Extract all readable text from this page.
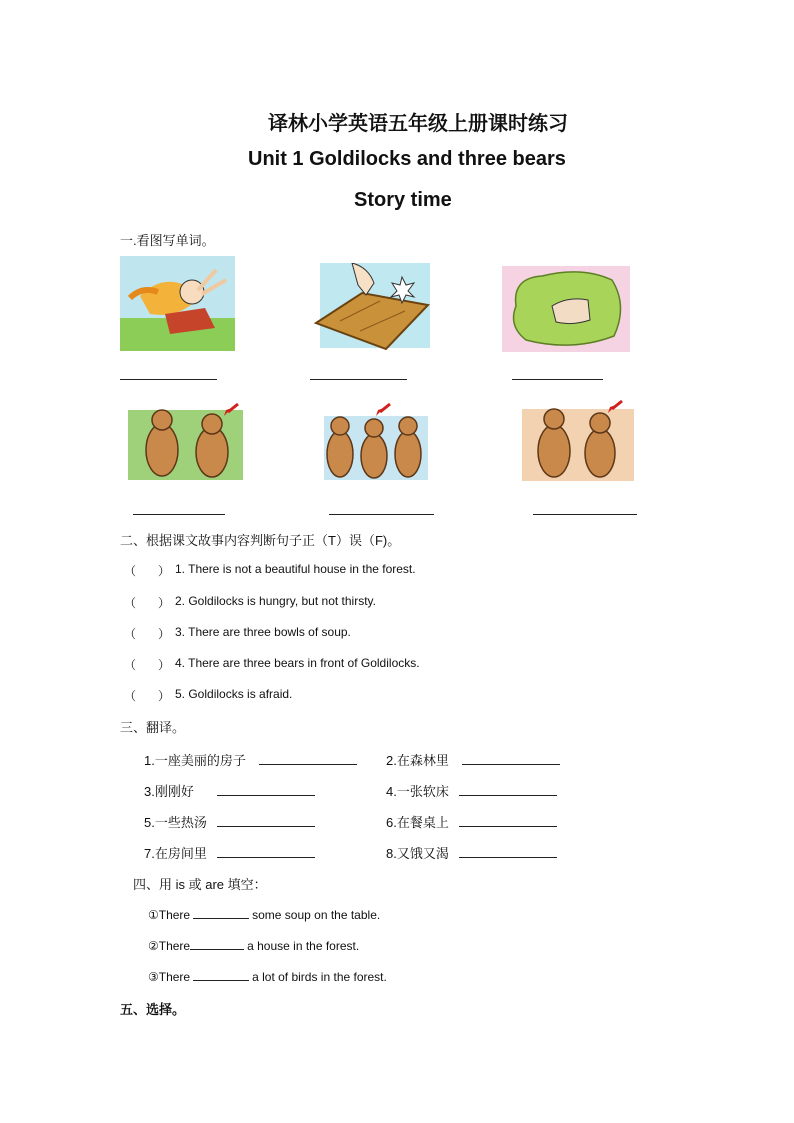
译林小学英语五年级上册课时练习
Unit 1 Goldilocks and three bears
Story time
一.看图写单词。
二、根据课文故事内容判断句子正（T）误（F)。
（ ） 1. There is not a beautiful house in the forest.
（ ） 2. Goldilocks is hungry, but not thirsty.
（ ） 3. There are three bowls of soup.
（ ） 4. There are three bears in front of Goldilocks.
（ ） 5. Goldilocks is afraid.
三、翻译。
1.一座美丽的房子	2.在森林里
3.刚刚好	4.一张软床
5.一些热汤	6.在餐桌上
7.在房间里	8.又饿又渴
四、用 is 或 are 填空：
①There	some soup on the table.
②There	a house in the forest.
③There	a lot of birds in the forest.
五、选择。
